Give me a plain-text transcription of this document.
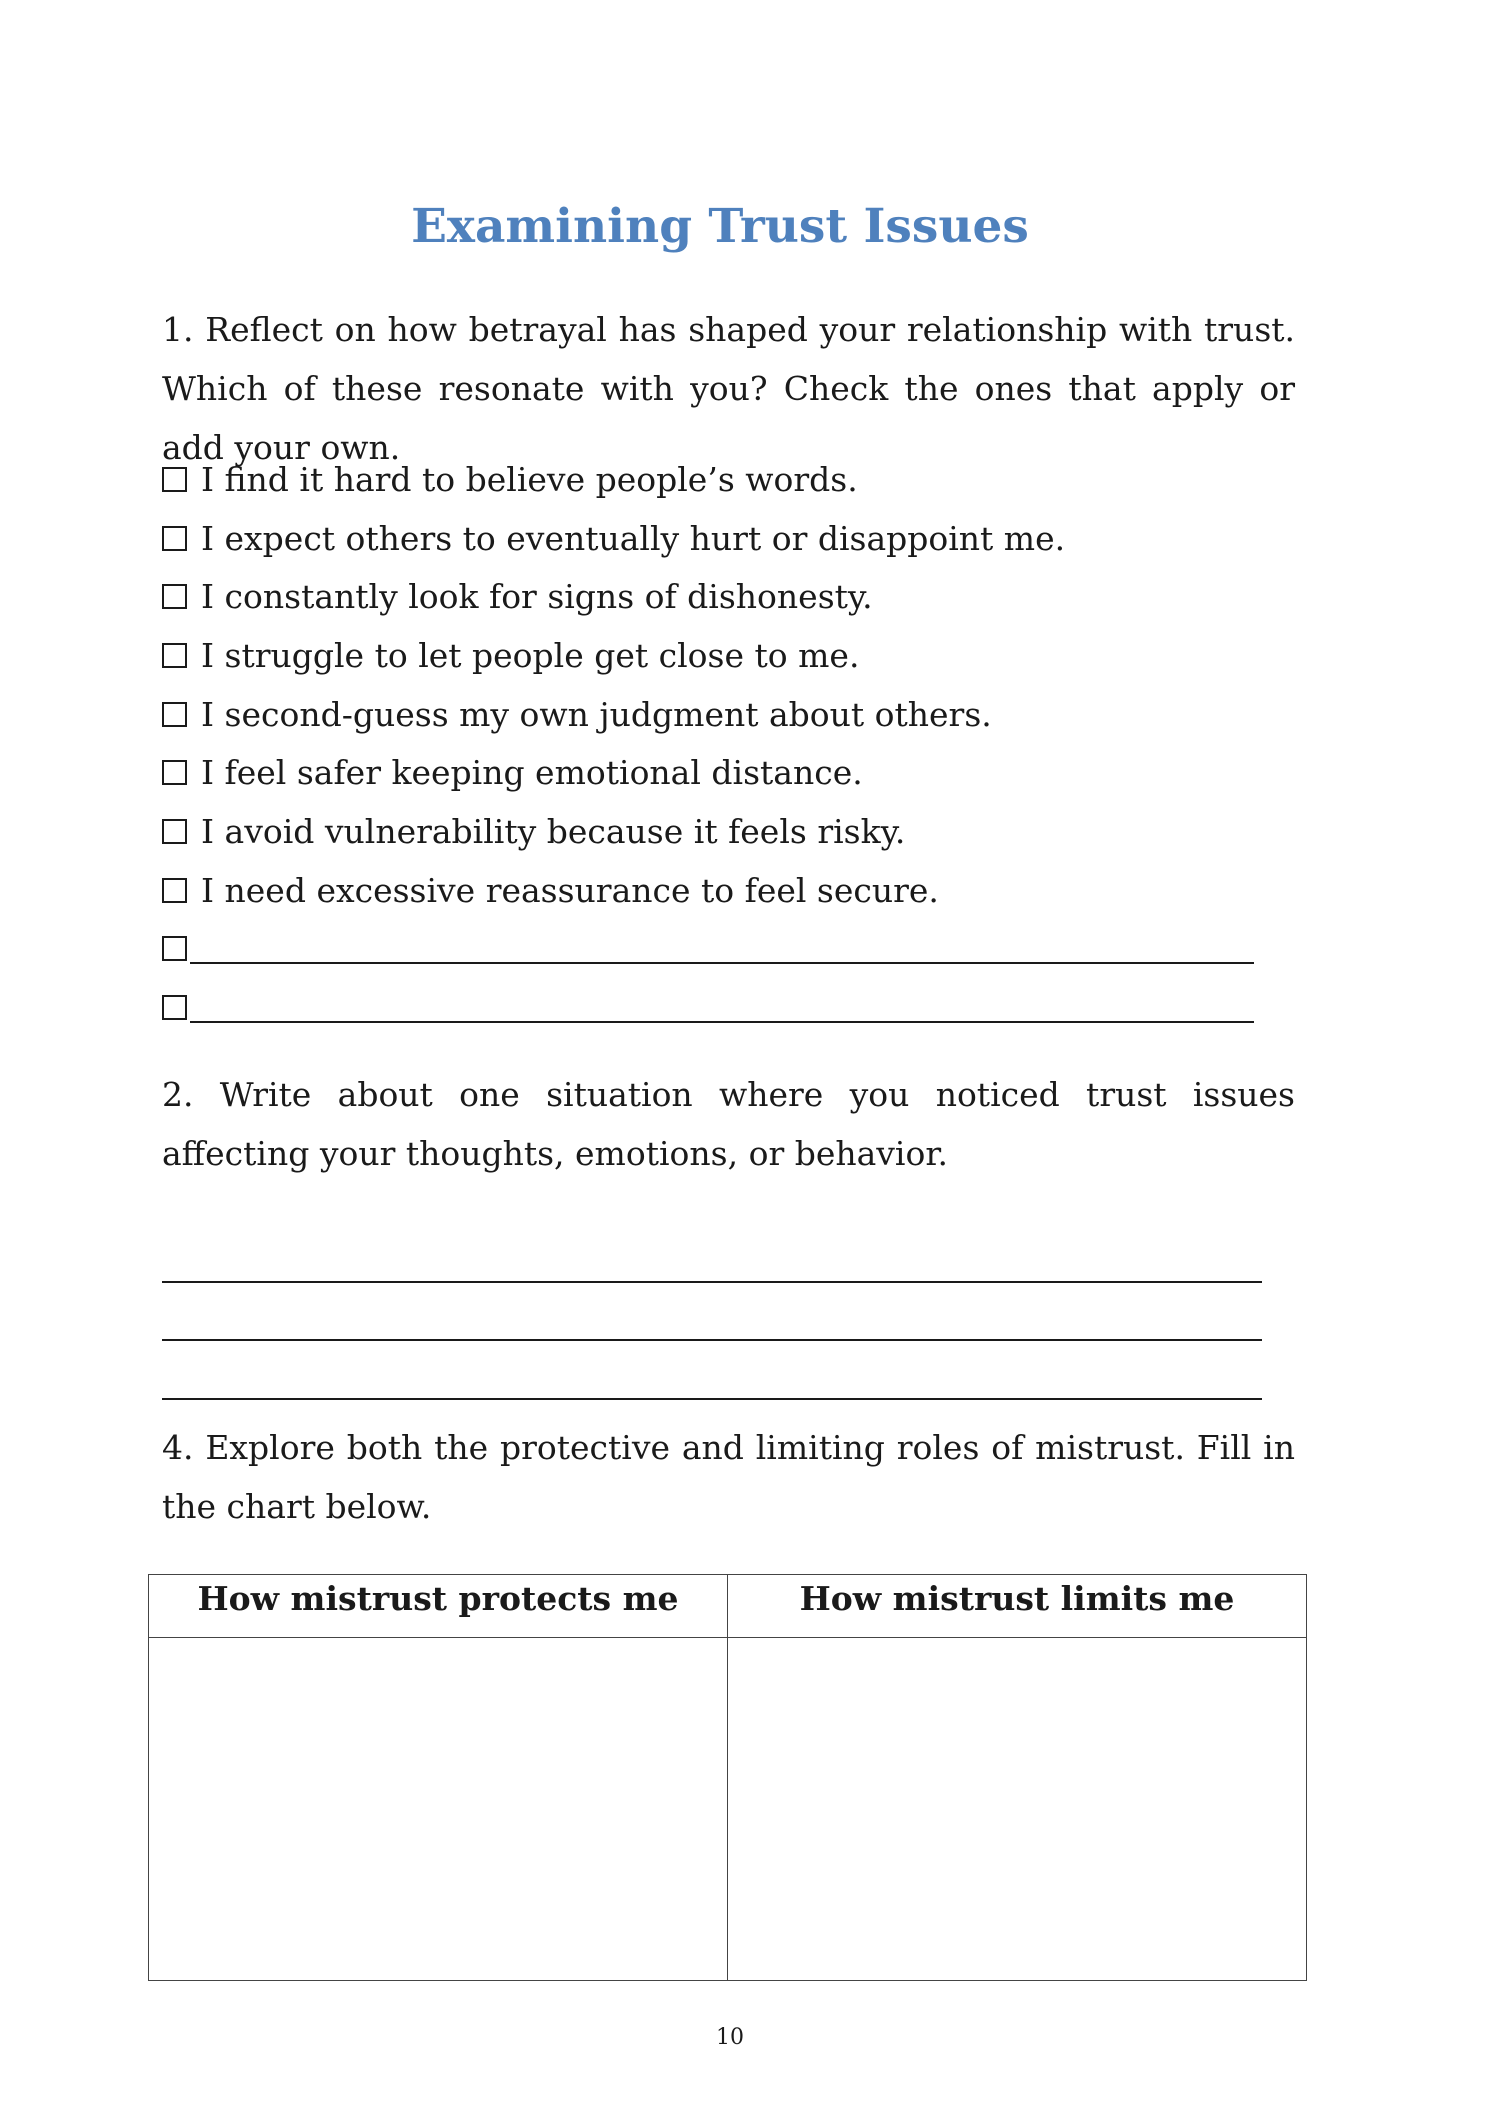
Examining Trust Issues

1. Reflect on how betrayal has shaped your relationship with trust. Which of these resonate with you? Check the ones that apply or add your own.

I find it hard to believe people’s words.
I expect others to eventually hurt or disappoint me.
I constantly look for signs of dishonesty.
I struggle to let people get close to me.
I second-guess my own judgment about others.
I feel safer keeping emotional distance.
I avoid vulnerability because it feels risky.
I need excessive reassurance to feel secure.

2. Write about one situation where you noticed trust issues affecting your thoughts, emotions, or behavior.

4. Explore both the protective and limiting roles of mistrust. Fill in the chart below.

How mistrust protects me	How mistrust limits me

10
